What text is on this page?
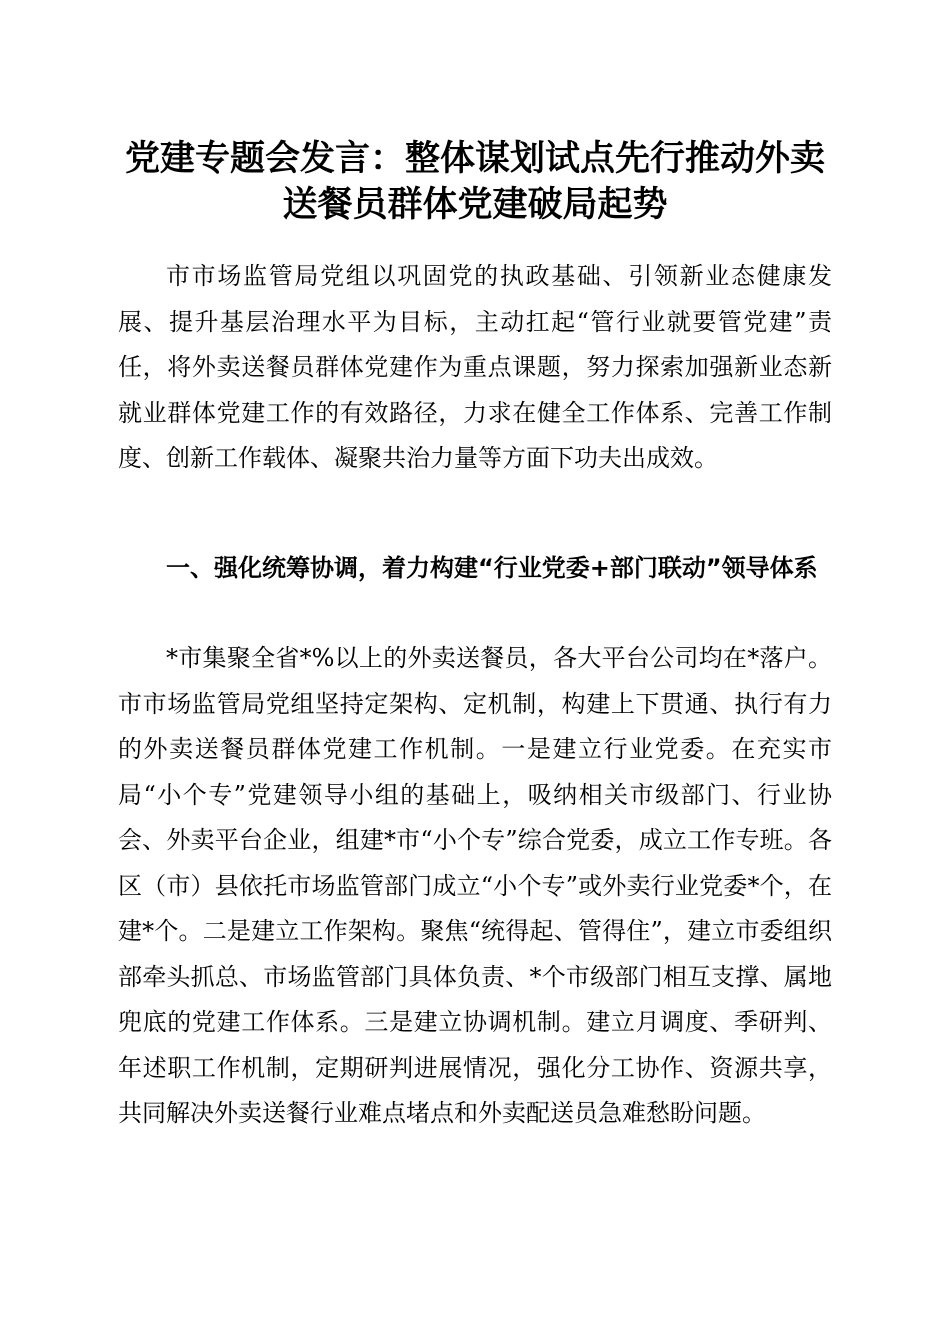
党建专题会发言：整体谋划试点先行推动外卖送餐员群体党建破局起势

市市场监管局党组以巩固党的执政基础、引领新业态健康发展、提升基层治理水平为目标，主动扛起“管行业就要管党建”责任，将外卖送餐员群体党建作为重点课题，努力探索加强新业态新就业群体党建工作的有效路径，力求在健全工作体系、完善工作制度、创新工作载体、凝聚共治力量等方面下功夫出成效。

一、强化统筹协调，着力构建“行业党委+部门联动”领导体系

*市集聚全省*%以上的外卖送餐员，各大平台公司均在*落户。市市场监管局党组坚持定架构、定机制，构建上下贯通、执行有力的外卖送餐员群体党建工作机制。一是建立行业党委。在充实市局“小个专”党建领导小组的基础上，吸纳相关市级部门、行业协会、外卖平台企业，组建*市“小个专”综合党委，成立工作专班。各区（市）县依托市场监管部门成立“小个专”或外卖行业党委*个，在建*个。二是建立工作架构。聚焦“统得起、管得住”，建立市委组织部牵头抓总、市场监管部门具体负责、*个市级部门相互支撑、属地兜底的党建工作体系。三是建立协调机制。建立月调度、季研判、年述职工作机制，定期研判进展情况，强化分工协作、资源共享，共同解决外卖送餐行业难点堵点和外卖配送员急难愁盼问题。
